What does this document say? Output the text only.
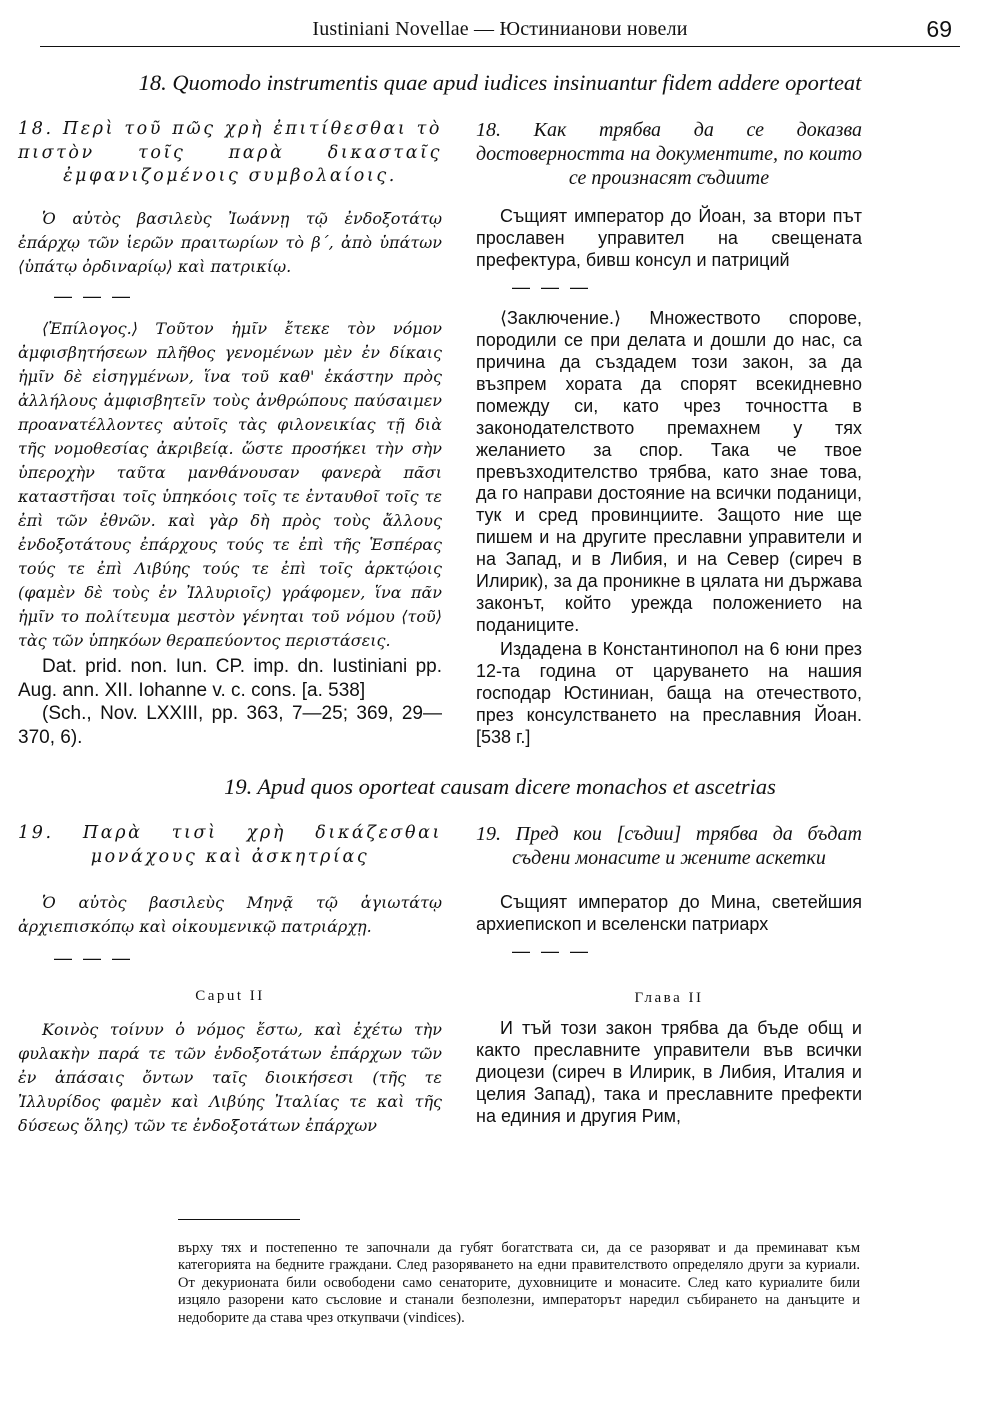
Iustiniani Novellae — Юстинианови новели	69
18. Quomodo instrumentis quae apud iudices insinuantur fidem addere oporteat
18. Περὶ τοῦ πῶς χρὴ ἐπιτίθεσθαι τὸ πιστὸν τοῖς παρὰ δικασταῖς ἐμφανιζομένοις συμβολαίοις.

Ὁ αὐτὸς βασιλεὺς Ἰωάννῃ τῷ ἐνδοξοτάτῳ ἐπάρχῳ τῶν ἱερῶν πραιτωρίων τὸ β΄, ἀπὸ ὑπάτων ⟨ὑπάτῳ ὀρδιναρίῳ⟩ καὶ πατρικίῳ.

— — —

⟨Ἐπίλογος.⟩ Τοῦτον ἡμῖν ἔτεκε τὸν νόμον ἀμφισβητήσεων πλῆθος γενομένων μὲν ἐν δίκαις ἡμῖν δὲ εἰσηγμένων, ἵνα τοῦ καθ' ἑκάστην πρὸς ἀλλήλους ἀμφισβητεῖν τοὺς ἀνθρώπους παύσαιμεν προανατέλλοντες αὐτοῖς τὰς φιλονεικίας τῇ διὰ τῆς νομοθεσίας ἀκριβείᾳ. ὥστε προσήκει τὴν σὴν ὑπεροχὴν ταῦτα μανθάνουσαν φανερὰ πᾶσι καταστῆσαι τοῖς ὑπηκόοις τοῖς τε ἐνταυθοῖ τοῖς τε ἐπὶ τῶν ἐθνῶν. καὶ γὰρ δὴ πρὸς τοὺς ἄλλους ἐνδοξοτάτους ἐπάρχους τούς τε ἐπὶ τῆς Ἑσπέρας τούς τε ἐπὶ Λιβύης τούς τε ἐπὶ τοῖς ἀρκτῴοις (φαμὲν δὲ τοὺς ἐν Ἰλλυριοῖς) γράφομεν, ἵνα πᾶν ἡμῖν το πολίτευμα μεστὸν γένηται τοῦ νόμου ⟨τοῦ⟩ τὰς τῶν ὑπηκόων θεραπεύοντος περιστάσεις.

Dat. prid. non. Iun. CP. imp. dn. Iustiniani pp. Aug. ann. XII. Iohanne v. c. cons. [a. 538]

(Sch., Nov. LXXIII, pp. 363, 7—25; 369, 29—370, 6).

18. Как трябва да се доказва достоверността на документите, по които се произнасят съдиите

Същият император до Йоан, за втори път прославен управител на свещената префектура, бивш консул и патриций

— — —

⟨Заключение.⟩ Множеството спорове, породили се при делата и дошли до нас, са причина да създадем този закон, за да възпрем хората да спорят всекидневно помежду си, като чрез точността в законодателството премахнем у тях желанието за спор. Така че твое превъзходителство трябва, като знае това, да го направи достояние на всички поданици, тук и сред провинциите. Защото ние ще пишем и на другите преславни управители и на Запад, и в Либия, и на Север (сиреч в Илирик), за да проникне в цялата ни държава законът, който урежда положението на поданиците.

Издадена в Константинопол на 6 юни през 12-та година от царуването на нашия господар Юстиниан, баща на отечеството, през консулстването на преславния Йоан. [538 г.]

19. Apud quos oporteat causam dicere monachos et ascetrias
19. Παρὰ τισὶ χρὴ δικάζεσθαι μονάχους καὶ ἀσκητρίας

Ὁ αὐτὸς βασιλεὺς Μηνᾷ τῷ ἁγιωτάτῳ ἀρχιεπισκόπῳ καὶ οἰκουμενικῷ πατριάρχῃ.

— — —
Caput II

Κοινὸς τοίνυν ὁ νόμος ἔστω, καὶ ἐχέτω τὴν φυλακὴν παρά τε τῶν ἐνδοξοτάτων ἐπάρχων τῶν ἐν ἁπάσαις ὄντων ταῖς διοικήσεσι (τῆς τε Ἰλλυρίδος φαμὲν καὶ Λιβύης Ἰταλίας τε καὶ τῆς δύσεως ὅλης) τῶν τε ἐνδοξοτάτων ἐπάρχων

19. Пред кои [съдии] трябва да бъдат съдени монасите и жените аскетки

Същият император до Мина, светейшия архиепископ и вселенски патриарх

— — —
Глава II

И тъй този закон трябва да бъде общ и както преславните управители във всички диоцези (сиреч в Илирик, в Либия, Италия и целия Запад), така и преславните префекти на единия и другия Рим,

върху тях и постепенно те започнали да губят богатствата си, да се разоряват и да преминават към категорията на бедните граждани. След разоряването на едни правителството определяло други за куриали. От декурионата били освободени само сенаторите, духовниците и монасите. След като куриалите били изцяло разорени като съсловие и станали безполезни, императорът наредил събирането на данъците и недоборите да става чрез откупвачи (vindices).
